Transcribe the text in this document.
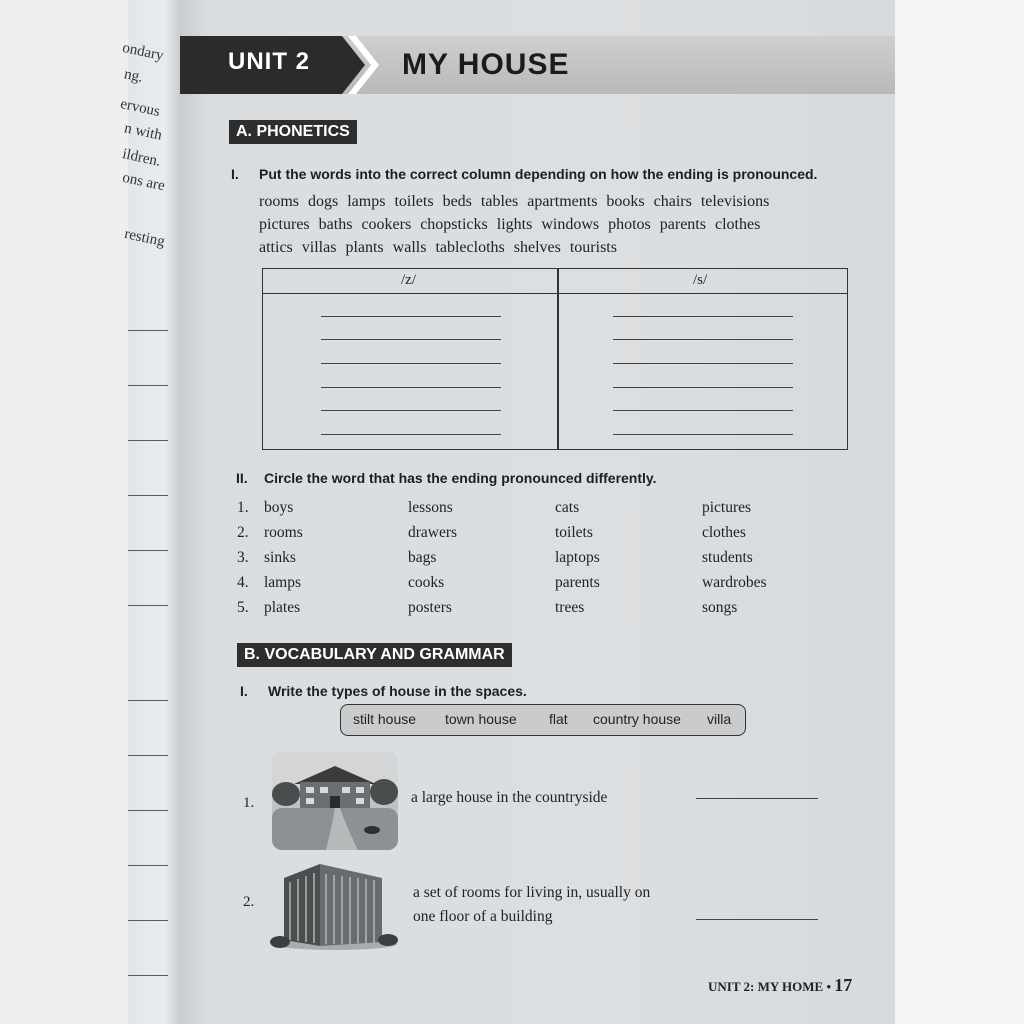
ondary
ng.
ervous
n with
ildren.
ons are
resting
UNIT 2	MY HOUSE
A. PHONETICS
I. Put the words into the correct column depending on how the ending is pronounced.
rooms dogs lamps toilets beds tables apartments books chairs televisions
pictures baths cookers chopsticks lights windows photos parents clothes
attics villas plants walls tablecloths shelves tourists
/z/	/s/
II. Circle the word that has the ending pronounced differently.
1. boys	lessons	cats	pictures
2. rooms	drawers	toilets	clothes
3. sinks	bags	laptops	students
4. lamps	cooks	parents	wardrobes
5. plates	posters	trees	songs
B. VOCABULARY AND GRAMMAR
I. Write the types of house in the spaces.
stilt house town house flat country house villa
1.	a large house in the countryside
2.
a set of rooms for living in, usually on
one floor of a building
UNIT 2: MY HOME • 17
